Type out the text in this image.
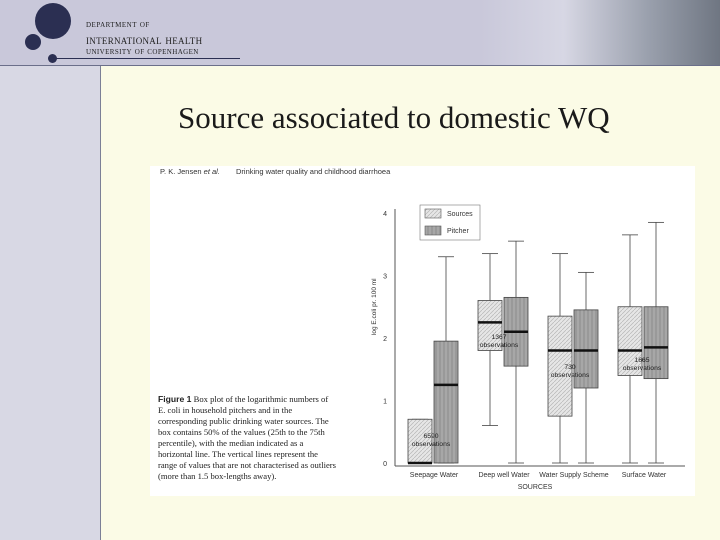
department of
international health
university of copenhagen
Source associated to domestic WQ
P. K. Jensen et al. Drinking water quality and childhood diarrhoea
0
1
2
3
4
log E.coli pr. 100 ml
SOURCES
Sources
Pitcher
Seepage Water	Deep well Water Water Supply Scheme Surface Water
6590
observations
1367
observations
730
observations
1665
observations
Figure 1 Box plot of the logarithmic numbers of E. coli in household pitchers and in the corresponding public drinking water sources. The box contains 50% of the values (25th to the 75th percentile), with the median indicated as a horizontal line. The vertical lines represent the range of values that are not characterised as outliers (more than 1.5 box-lengths away).
